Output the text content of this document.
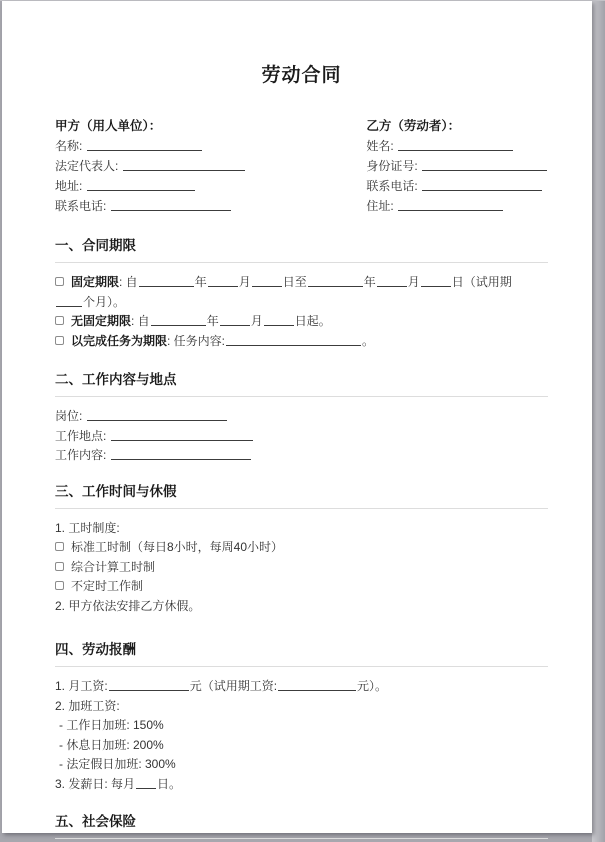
劳动合同
甲方（用人单位）：
名称:
法定代表人:
地址:
联系电话:
乙方（劳动者）：
姓名:
身份证号:
联系电话:
住址:
一、合同期限
固定期限: 自	年	月	日至	年	月	日（试用期
个月）。
无固定期限: 自	年	月	日起。
以完成任务为期限: 任务内容:	。
二、工作内容与地点
岗位:
工作地点:
工作内容:
三、工作时间与休假
1. 工时制度:
标准工时制（每日8小时，每周40小时）
综合计算工时制
不定时工作制
2. 甲方依法安排乙方休假。
四、劳动报酬
1. 月工资:	元（试用期工资:	元）。
2. 加班工资:
- 工作日加班: 150%
- 休息日加班: 200%
- 法定假日加班: 300%
3. 发薪日: 每月 日。
五、社会保险
